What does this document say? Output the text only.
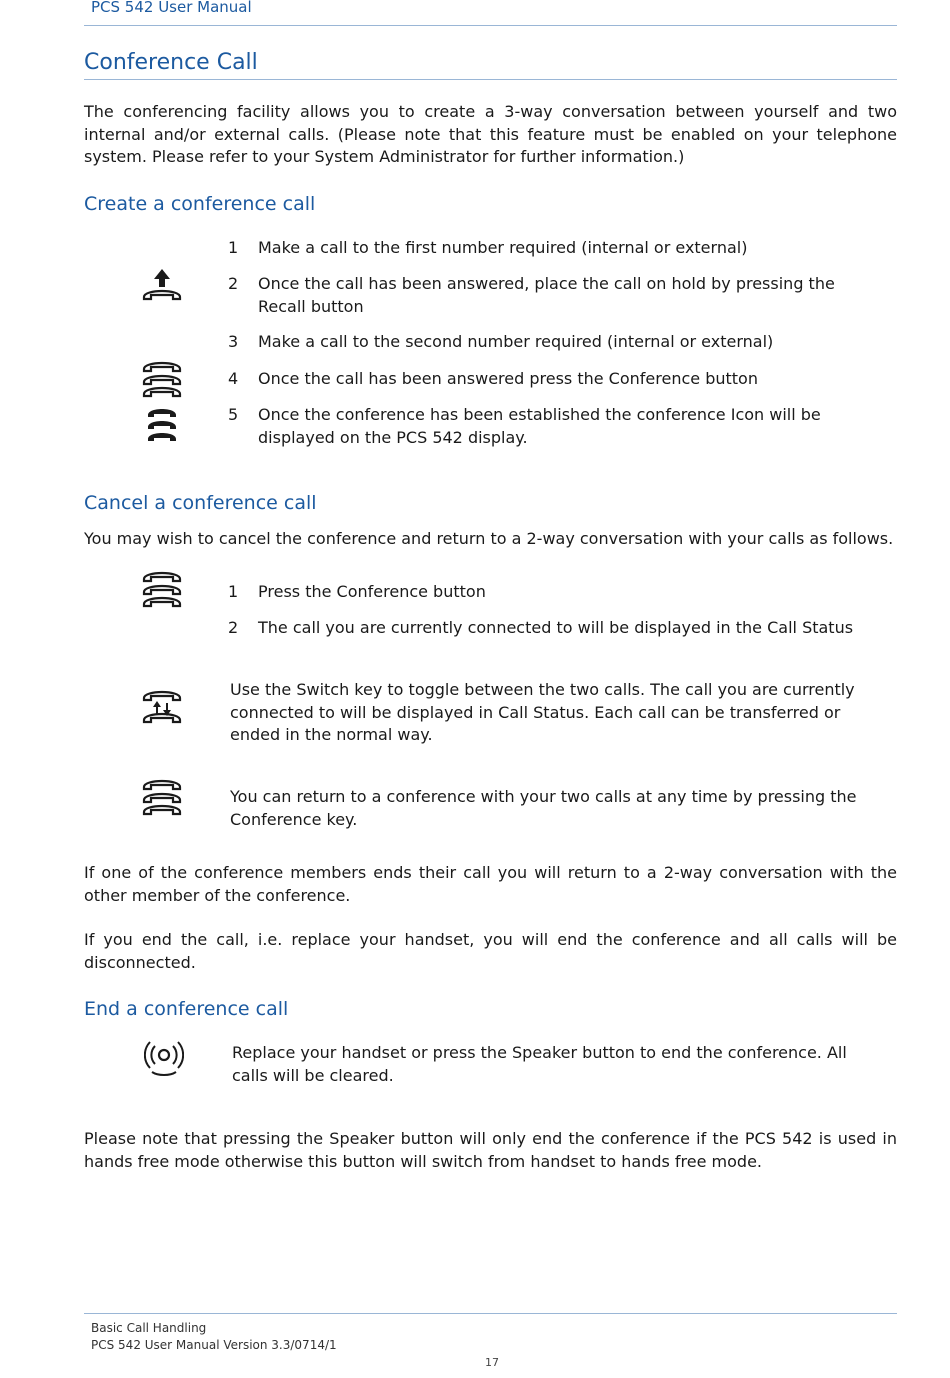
PCS 542 User Manual
Conference Call
The conferencing facility allows you to create a 3-way conversation between yourself and two internal and/or external calls. (Please note that this feature must be enabled on your telephone system. Please refer to your System Administrator for further information.)
Create a conference call
1 Make a call to the first number required (internal or external)
2 Once the call has been answered, place the call on hold by pressing the Recall button
3 Make a call to the second number required (internal or external)
4 Once the call has been answered press the Conference button
5 Once the conference has been established the conference Icon will be displayed on the PCS 542 display.
Cancel a conference call
You may wish to cancel the conference and return to a 2-way conversation with your calls as follows.
1 Press the Conference button
2 The call you are currently connected to will be displayed in the Call Status
Use the Switch key to toggle between the two calls. The call you are currently connected to will be displayed in Call Status. Each call can be transferred or ended in the normal way.
You can return to a conference with your two calls at any time by pressing the Conference key.
If one of the conference members ends their call you will return to a 2-way conversation with the other member of the conference.
If you end the call, i.e. replace your handset, you will end the conference and all calls will be disconnected.
End a conference call
Replace your handset or press the Speaker button to end the conference. All calls will be cleared.
Please note that pressing the Speaker button will only end the conference if the PCS 542 is used in hands free mode otherwise this button will switch from handset to hands free mode.
Basic Call Handling
PCS 542 User Manual Version 3.3/0714/1
17
